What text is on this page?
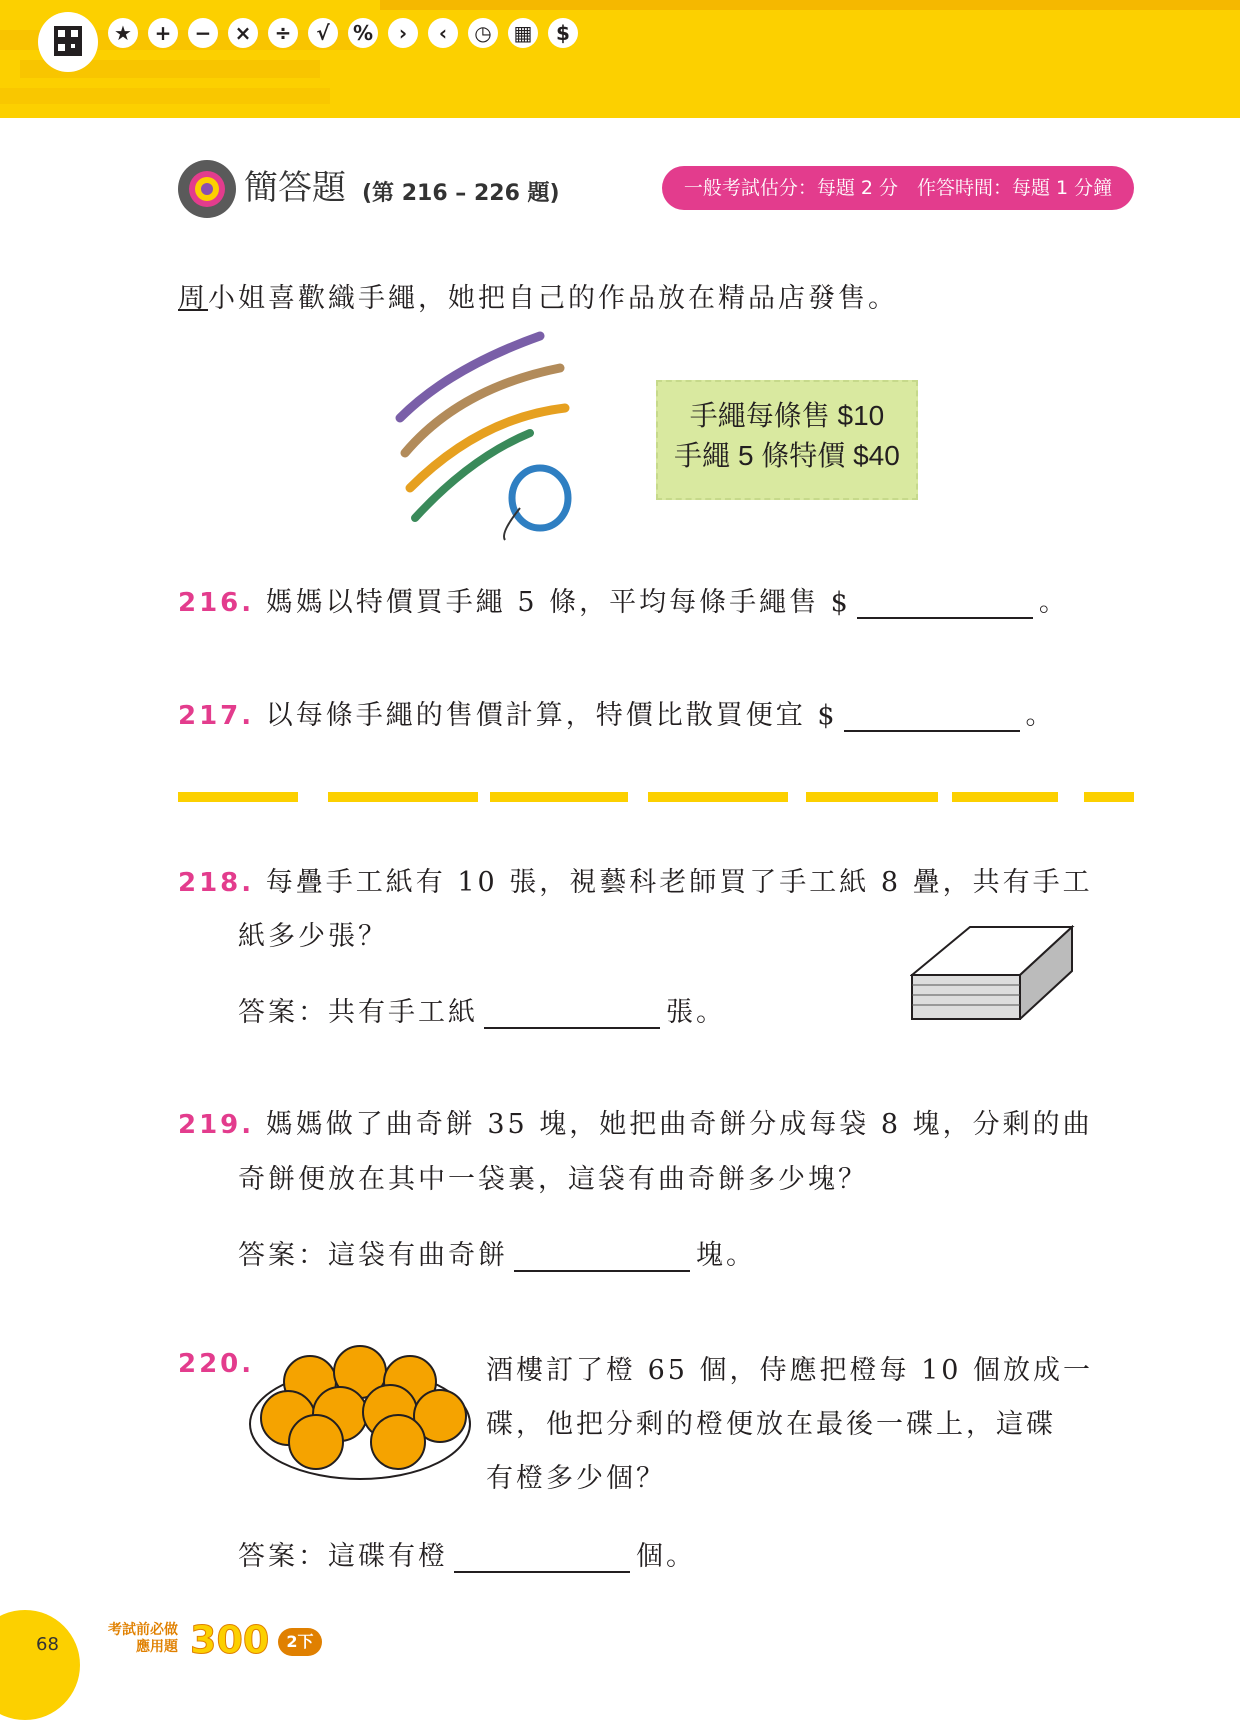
★	+	−	×	÷	√	%	›	‹	◷	▦	$
簡答題 (第 216 – 226 題)	一般考試估分：每題 2 分　作答時間：每題 1 分鐘
周小姐喜歡織手繩，她把自己的作品放在精品店發售。
手繩每條售 $10
手繩 5 條特價 $40
216. 媽媽以特價買手繩 5 條，平均每條手繩售 $	。
217. 以每條手繩的售價計算，特價比散買便宜 $	。
218. 每疊手工紙有 10 張，視藝科老師買了手工紙 8 疊，共有手工
紙多少張？
答案：共有手工紙	張。
219. 媽媽做了曲奇餅 35 塊，她把曲奇餅分成每袋 8 塊，分剩的曲
奇餅便放在其中一袋裏，這袋有曲奇餅多少塊？
答案：這袋有曲奇餅	塊。
220.	酒樓訂了橙 65 個，侍應把橙每 10 個放成一
碟，他把分剩的橙便放在最後一碟上，這碟
有橙多少個？
答案：這碟有橙	個。
68
考試前必做
應用題 300	2下
